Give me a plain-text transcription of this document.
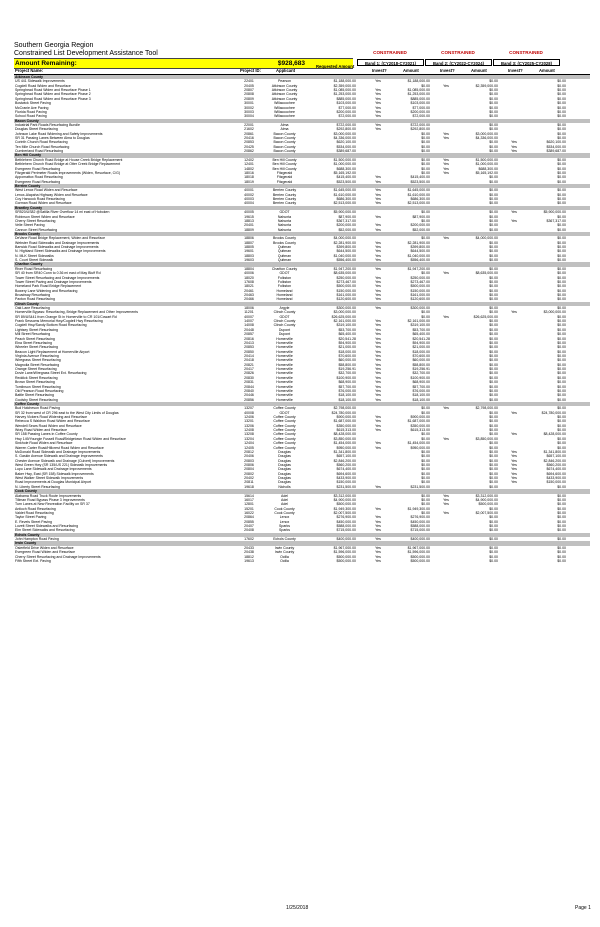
Southern Georgia Region
Constrained List Development Assistance Tool	CONSTRAINED	CONSTRAINED	CONSTRAINED
Amount Remaining:	$928,683	Band 1: (CY2018-CY2021)	Band 2: (CY2022-CY2024)	Band 3: (CY2025-CY2028)
Project Name:	Project ID:	Applicant
Requested Amount
Invest?	Amount	Invest?	Amount	Invest?	Amount
Atkinson County
US 441 Sidewalk Improvements	22401	Pearson	$1,188,000.00	Yes	$1,188,000.00	$0.00	$0.00
Cogdell Road Widen and Resurface	20405	Atkinson County	$2,359,000.00	$0.00	Yes	$2,359,000.00	$0.00
Springhead Road Widen and Resurface Phase 1	20807	Atkinson County	$1,085,000.00	Yes	$1,085,000.00	$0.00	$0.00
Springhead Road Widen and Resurface Phase 2	20808	Atkinson County	$1,253,000.00	Yes	$1,253,000.00	$0.00	$0.00
Springhead Road Widen and Resurface Phase 3	20809	Atkinson County	$885,000.00	Yes	$885,000.00	$0.00	$0.00
Bostwick Street Paving	30001	Willacoochee	$103,000.00	Yes	$103,000.00	$0.00	$0.00
McCranie Ave Paving	30002	Willacoochee	$77,000.00	Yes	$77,000.00	$0.00	$0.00
Florida Road Paving	30003	Willacoochee	$200,000.00	Yes	$200,000.00	$0.00	$0.00
School Road Paving	30004	Willacoochee	$72,000.00	Yes	$72,000.00	$0.00	$0.00
Bacon County
Industrial Park Roads Resurfacing Bundle	22001	Alma	$722,000.00	Yes	$722,000.00	$0.00	$0.00
Douglas Street Resurfacing	21602	Alma	$292,800.00	Yes	$292,800.00	$0.00	$0.00
Johnson Lake Road Widening and Safety Improvements	20861	Bacon County	$3,000,000.00	$0.00	Yes	$3,000,000.00	$0.00
SR 31 Passing Lanes Between Alma to Douglas	20416	Bacon County	$4,336,000.00	$0.00	Yes	$4,336,000.00	$0.00
Corinth Church Road Resurfacing	20853	Bacon County	$620,100.00	$0.00	$0.00	Yes	$620,100.00
Ten Mile Church Road Resurfacing	20425	Bacon County	$534,000.00	$0.00	$0.00	Yes	$534,000.00
Cumberland Road Resurfacing	20862	Bacon County	$389,687.00	$0.00	$0.00	Yes	$389,687.00
Ben Hill County
Bethlehem Church Road Bridge at House Creek Bridge Replacement	12402	Ben Hill County	$1,500,000.00	$0.00	Yes	$1,500,000.00	$0.00
Bethlehem Church Road Bridge at Otter Creek Bridge Replacement	12401	Ben Hill County	$1,000,000.00	$0.00	Yes	$1,000,000.00	$0.00
Evergreen Road Resurfacing	14802	Ben Hill County	$688,300.00	$0.00	Yes	$688,300.00	$0.00
Fitzgerald Perimeter Roads Improvements (Widen, Resurface, C/G)	18016	Fitzgerald	$5,165,192.00	$0.00	Yes	$5,165,192.00	$0.00
Appomattox Road Resurfacing	18018	Fitzgerald	$415,400.00	Yes	$415,400.00	$0.00	$0.00
Evergreen Road Resurfacing	18019	Fitzgerald	$523,500.00	Yes	$523,500.00	$0.00	$0.00
Berrien County
West Lenox Road Widen and Resurface	40001	Berrien County	$1,645,000.00	Yes	$1,645,000.00	$0.00	$0.00
Lenox-Alapaha Highway Widen and Resurface	40002	Berrien County	$1,610,000.00	Yes	$1,610,000.00	$0.00	$0.00
Coy Hancock Road Resurfacing	40003	Berrien County	$686,300.00	Yes	$686,300.00	$0.00	$0.00
Gorman Road Widen and Resurface	40004	Berrien County	$2,513,000.00	Yes	$2,513,000.00	$0.00	$0.00
Brantley County
SR520/US82 @Satilla River Overflow 14 mi east of Hoboken	40005	GDOT	$5,900,000.00	$0.00	$0.00	Yes	$5,900,000.00
Robinson Street Widen and Resurface	19615	Nahunta	$87,900.00	Yes	$87,900.00	$0.00	$0.00
Cherry Street Resurfacing	18813	Nahunta	$367,317.00	$0.00	$0.00	Yes	$367,317.00
Velie Street Paving	20401	Nahunta	$200,000.00	Yes	$200,000.00	$0.00	$0.00
Cannon Street Resurfacing	18809	Nahunta	$52,000.00	Yes	$52,000.00	$0.00	$0.00
Brooks County
DeVane Road Bridge Replacement, Widen and Resurface	18806	Brooks County	$4,000,000.00	$0.00	Yes	$4,000,000.00	$0.00
Webster Road Sidewalks and Drainage Improvements	18807	Brooks County	$2,281,900.00	Yes	$2,281,900.00	$0.00	$0.00
Barwick Road Sidewalks and Drainage Improvements	18805	Quitman	$399,800.00	Yes	$399,800.00	$0.00	$0.00
N. Highland Street Sidewalks and Drainage Improvements	19601	Quitman	$644,500.00	Yes	$644,500.00	$0.00	$0.00
N. MLK Street Sidewalks	18803	Quitman	$1,040,000.00	Yes	$1,040,000.00	$0.00	$0.00
S. Court Street Sidewalk	19603	Quitman	$556,400.00	Yes	$556,400.00	$0.00	$0.00
Charlton County
River Road Resurfacing	18804	Charlton County	$1,947,200.00	Yes	$1,947,200.00	$0.00	$0.00
SR 40 from SR40 Conn to 0.36 mi east of May Bluff Rd	40006	GDOT	$8,635,000.00	$0.00	Yes	$8,635,000.00	$0.00
Tower Street Resurfacing and Drainage Improvements	18020	Folkston	$250,000.00	Yes	$250,000.00	$0.00	$0.00
Tower Street Paving and Drainage Improvements	17608	Folkston	$273,467.00	Yes	$273,467.00	$0.00	$0.00
Homeland Park Road Bridge Replacement	18021	Folkston	$500,000.00	Yes	$500,000.00	$0.00	$0.00
Bowery Lane Widening and Resurfacing	20461	Homeland	$150,000.00	Yes	$150,000.00	$0.00	$0.00
Broadway Resurfacing	20463	Homeland	$161,000.00	Yes	$161,000.00	$0.00	$0.00
Paxton Road Resurfacing	20466	Homeland	$120,600.00	Yes	$120,600.00	$0.00	$0.00
Clinch County
Oak Lane Resurfacing	18006	Argyle	$300,000.00	Yes	$300,000.00	$0.00	$0.00
Homerville Bypass: Resurfacing, Bridge Replacement and Other Improvements	11201	Clinch County	$3,000,000.00	$0.00	$0.00	Yes	$3,000,000.00
SR 89/US441 from Orange St in Homerville to CR 101/Cowart Rd	40007	GDOT	$26,625,000.00	$0.00	Yes	$26,625,000.00	$0.00
Frank Sessoms Memorial Hwy/Cogdell Hwy Resurfacing	14007	Clinch County	$2,161,000.00	Yes	$2,161,000.00	$0.00	$0.00
Cogdell Hwy/Sandy Bottom Road Resurfacing	14008	Clinch County	$319,100.00	Yes	$319,100.00	$0.00	$0.00
Lightsey Street Resurfacing	20448	Dupont	$53,700.00	Yes	$53,700.00	$0.00	$0.00
Mill Street Resurfacing	20857	Dupont	$65,400.00	Yes	$65,400.00	$0.00	$0.00
Peach Street Resurfacing	20816	Homerville	$20,541.28	Yes	$20,541.28	$0.00	$0.00
Elna Street Resurfacing	20413	Homerville	$94,900.00	Yes	$94,900.00	$0.00	$0.00
Wheeler Street Resurfacing	20853	Homerville	$21,000.00	Yes	$21,000.00	$0.00	$0.00
Beacon Light Replacement at Homerville Airport	20850	Homerville	$18,000.00	Yes	$18,000.00	$0.00	$0.00
Virginia Avenue Resurfacing	20414	Homerville	$70,600.00	Yes	$70,600.00	$0.00	$0.00
Wiregrass Street Resurfacing	20418	Homerville	$60,000.00	Yes	$60,000.00	$0.00	$0.00
Magnolia Street Resurfacing	20821	Homerville	$58,800.00	Yes	$58,800.00	$0.00	$0.00
Orange Street Resurfacing	20417	Homerville	$19,256.91	Yes	$19,256.91	$0.00	$0.00
Dovie Lane/Wiregrass Street Ext. Resurfacing	20826	Homerville	$32,700.00	Yes	$32,700.00	$0.00	$0.00
Reddick Street Resurfacing	20830	Homerville	$100,900.00	Yes	$100,900.00	$0.00	$0.00
Brown Street Resurfacing	20831	Homerville	$68,900.00	Yes	$68,900.00	$0.00	$0.00
Tomlinson Street Resurfacing	20844	Homerville	$57,700.00	Yes	$57,700.00	$0.00	$0.00
Old Pearson Road Resurfacing	20840	Homerville	$76,000.00	Yes	$76,000.00	$0.00	$0.00
Battle Street Resurfacing	20446	Homerville	$18,100.00	Yes	$18,100.00	$0.00	$0.00
Goolsby Street Resurfacing	20856	Homerville	$18,100.00	Yes	$18,100.00	$0.00	$0.00
Coffee County
Bud Hutcheson Road Paving	13207	Coffee County	$2,798,000.00	$0.00	Yes	$2,798,000.00	$0.00
SR 32 from west of CR 296 east to the West City Limits of Douglas	40008	GDOT	$24,780,000.00	$0.00	$0.00	Yes	$24,780,000.00
Harvey Vickers Road Widening and Resurface	12406	Coffee County	$900,000.00	Yes	$900,000.00	$0.00	$0.00
Rebecca S Waldron Road Widen and Resurface	13201	Coffee County	$1,687,000.00	Yes	$1,687,000.00	$0.00	$0.00
Wendell Sears Road Widen and Resurface	13206	Coffee County	$350,000.00	Yes	$350,000.00	$0.00	$0.00
Wray Road Widen and Resurface	12408	Coffee County	$615,313.00	Yes	$615,313.00	$0.00	$0.00
SR 158 Passing Lanes in Coffee County	13208	Coffee County	$8,428,000.00	$0.00	$0.00	Yes	$8,428,000.00
Hwy 149/Youngie Fussell Road/Bridgetown Road Widen and Resurface	13204	Coffee County	$3,850,000.00	$0.00	Yes	$3,850,000.00	$0.00
Sinkhole Road Widen and Resurface	12404	Coffee County	$1,454,000.00	Yes	$1,454,000.00	$0.00	$0.00
Warren Carter Road/Hillcrest Road Widen and Resurface	12405	Coffee County	$950,000.00	Yes	$950,000.00	$0.00	$0.00
McDonald Road Sidewalk and Drainage Improvements	20812	Douglas	$1,341,800.00	$0.00	$0.00	Yes	$1,341,800.00
S. Gaskin Avenue Sidewalk and Drainage Improvements	20406	Douglas	$657,100.00	$0.00	$0.00	Yes	$657,100.00
Chester Avenue Sidewalk and Drainage (Culvert) Improvements	20803	Douglas	$2,846,200.00	$0.00	$0.00	Yes	$2,846,200.00
West Green Hwy (SR 135/US 221) Sidewalk Improvements	20806	Douglas	$560,200.00	$0.00	$0.00	Yes	$560,200.00
Lupo Lane Sidewalk and Drainage Improvements	20804	Douglas	$674,400.00	$0.00	$0.00	Yes	$674,400.00
Baker Hwy, East (SR 158) Sidewalk Improvements	20802	Douglas	$694,600.00	$0.00	$0.00	Yes	$694,600.00
West Walker Street Sidewalk Improvements	20402	Douglas	$433,900.00	$0.00	$0.00	Yes	$433,900.00
Road Improvements at Douglas Municipal Airport	20811	Douglas	$150,000.00	$0.00	$0.00	Yes	$150,000.00
N. Liberty Street Resurfacing	19618	Nicholls	$231,500.00	Yes	$231,500.00	$0.00	$0.00
Cook County
Alabama Road Truck Route Improvements	15614	Adel	$3,312,000.00	$0.00	Yes	$3,312,000.00	$0.00
Tillman Road Bypass Phase 3 Improvements	16017	Adel	$4,900,000.00	$0.00	Yes	$4,900,000.00	$0.00
Turn Lanes at New Recreation Facility on SR 37	12801	Adel	$500,000.00	$0.00	Yes	$500,000.00	$0.00
Antioch Road Resurfacing	15201	Cook County	$1,949,300.00	Yes	$1,949,300.00	$0.00	$0.00
Valdet Road Resurfacing	16022	Cook County	$2,007,500.00	$0.00	Yes	$2,007,500.00	$0.00
Taylor Street Paving	20864	Lenox	$276,900.00	Yes	$276,900.00	$0.00	$0.00
E. Revels Street Paving	20855	Lenox	$450,000.00	Yes	$450,000.00	$0.00	$0.00
Lovett Street Sidewalks and Resurfacing	20407	Sparks	$588,000.00	Yes	$588,000.00	$0.00	$0.00
Elm Street Sidewalks and Resurfacing	20408	Sparks	$715,000.00	Yes	$715,000.00	$0.00	$0.00
Echols County
John Hampton Road Paving	17602	Echols County	$400,000.00	Yes	$400,000.00	$0.00	$0.00
Irwin County
Osierfield Drive Widen and Resurface	20433	Irwin County	$1,967,000.00	Yes	$1,967,000.00	$0.00	$0.00
Evergreen Road Widen and Resurface	20438	Irwin County	$1,596,000.00	Yes	$1,596,000.00	$0.00	$0.00
Cherry Street Resurfacing and Drainage Improvements	18812	Ocilla	$500,000.00	Yes	$500,000.00	$0.00	$0.00
Fifth Street Ext. Paving	19613	Ocilla	$500,000.00	Yes	$500,000.00	$0.00	$0.00
1/25/2018	Page 1
